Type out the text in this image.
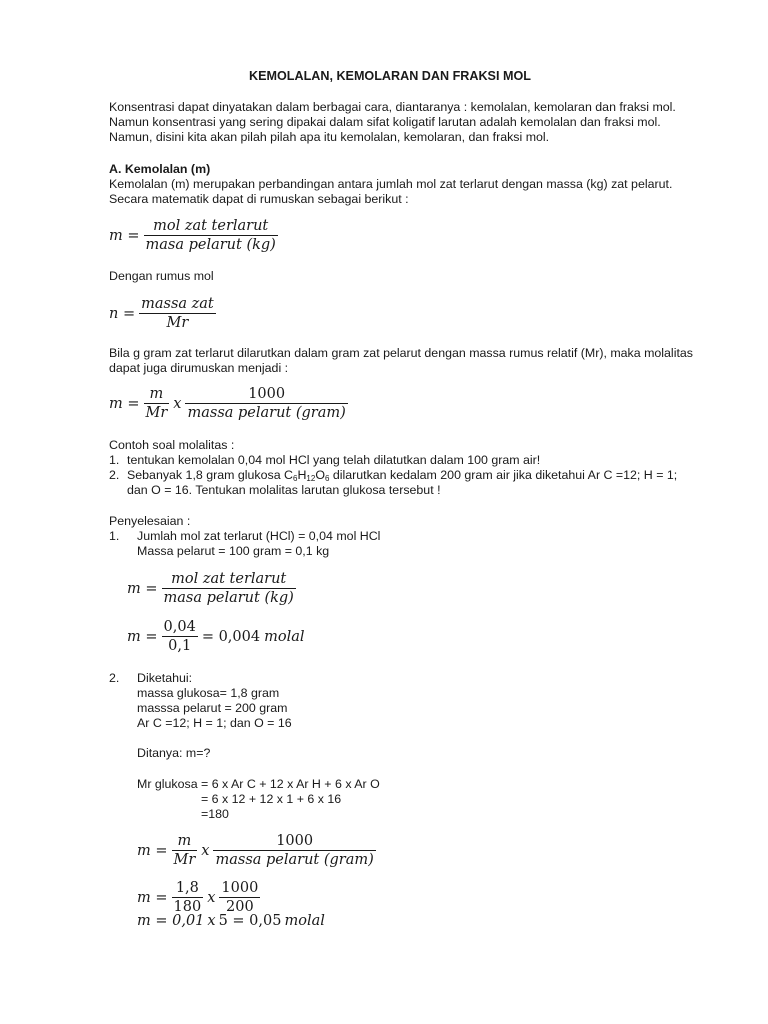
KEMOLALAN, KEMOLARAN DAN FRAKSI MOL
Konsentrasi dapat dinyatakan dalam berbagai cara, diantaranya : kemolalan, kemolaran dan fraksi mol.
Namun konsentrasi yang sering dipakai dalam sifat koligatif larutan adalah kemolalan dan fraksi mol.
Namun, disini kita akan pilah pilah apa itu kemolalan, kemolaran, dan fraksi mol.
A. Kemolalan (m)
Kemolalan (m) merupakan perbandingan antara jumlah mol zat terlarut dengan massa (kg) zat pelarut.
Secara matematik dapat di rumuskan sebagai berikut :
$m = \frac{\text{mol zat terlarut}}{\text{masa pelarut (kg)}}$
Dengan rumus mol
$n = \frac{\text{massa zat}}{Mr}$
Bila g gram zat terlarut dilarutkan dalam gram zat pelarut dengan massa rumus relatif (Mr), maka molalitas
dapat juga dirumuskan menjadi :
$m = \frac{m}{Mr}$ x $\frac{1000}{\text{massa pelarut (gram)}}$
Contoh soal molalitas :
1. tentukan kemolalan 0,04 mol HCl yang telah dilatutkan dalam 100 gram air!
2. Sebanyak 1,8 gram glukosa $C_6H_{12}O_6$ dilarutkan kedalam 200 gram air jika diketahui Ar C =12; H = 1;
dan O = 16. Tentukan molalitas larutan glukosa tersebut !
Penyelesaian :
1. Jumlah mol zat terlarut (HCl) = 0,04 mol HCl
Massa pelarut = 100 gram = 0,1 kg
$m = \frac{\text{mol zat terlarut}}{\text{masa pelarut (kg)}}$
$m = \frac{0,04}{0,1} = 0,004$ molal
2. Diketahui:
massa glukosa= 1,8 gram
masssa pelarut = 200 gram
Ar C =12; H = 1; dan O = 16
Ditanya: m=?
Mr glukosa = 6 x Ar C + 12 x Ar H + 6 x Ar O
= 6 x 12 + 12 x 1 + 6 x 16
=180
$m = \frac{m}{Mr}$ x $\frac{1000}{\text{massa pelarut (gram)}}$
$m = \frac{1,8}{180}$ x $\frac{1000}{200}$
m = 0,01 x 5 = 0,05 molal
